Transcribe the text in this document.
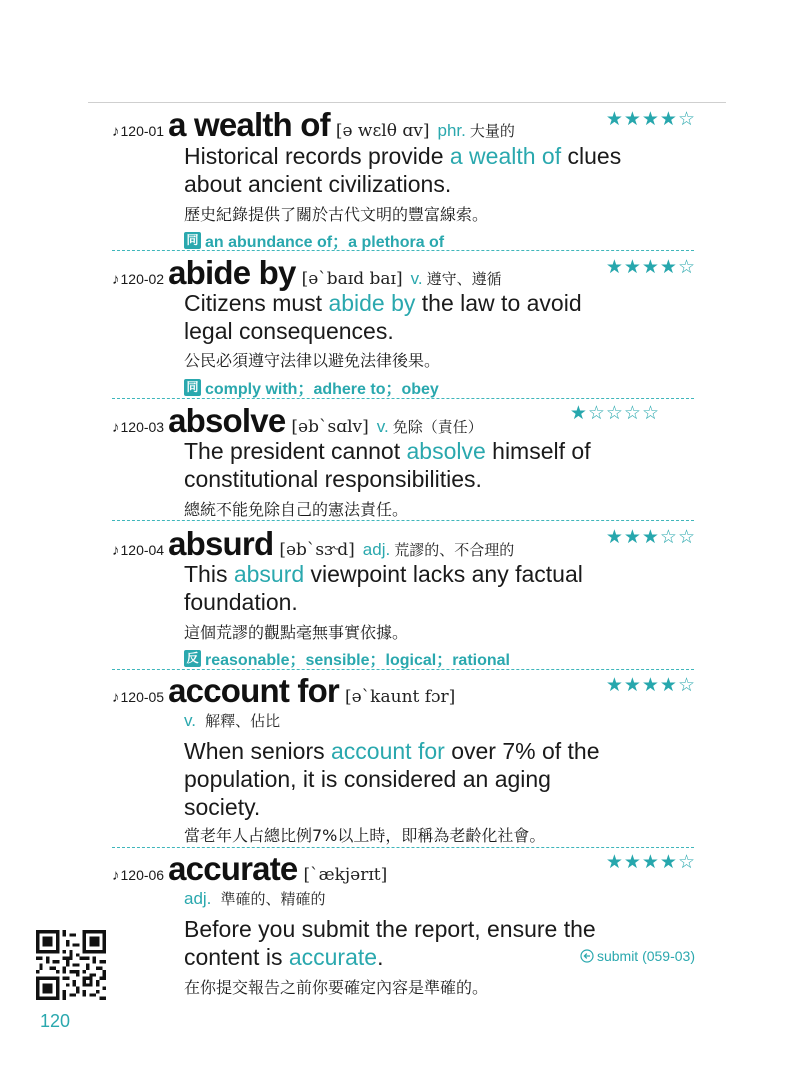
♪120-01 a wealth of [ə wɛlθ ɑv] phr. 大量的
★★★★☆
Historical records provide a wealth of clues
about ancient civilizations.
歷史紀錄提供了關於古代文明的豐富線索。
同 an abundance of；a plethora of
♪120-02 abide by [əˋbaɪd baɪ] v. 遵守、遵循
★★★★☆
Citizens must abide by the law to avoid
legal consequences.
公民必須遵守法律以避免法律後果。
同 comply with；adhere to；obey
♪120-03 absolve [əbˋsɑlv] v. 免除（責任）
★☆☆☆☆
The president cannot absolve himself of
constitutional responsibilities.
總統不能免除自己的憲法責任。
♪120-04 absurd [əbˋsɝd] adj. 荒謬的、不合理的
★★★☆☆
This absurd viewpoint lacks any factual
foundation.
這個荒謬的觀點毫無事實依據。
反 reasonable；sensible；logical；rational
♪120-05 account for [əˋkaunt fɔr]
★★★★☆
v. 解釋、佔比
When seniors account for over 7% of the
population, it is considered an aging
society.
當老年人占總比例7%以上時，即稱為老齡化社會。
♪120-06 accurate [ˋækjərɪt]
★★★★☆
adj. 準確的、精確的
Before you submit the report, ensure the
content is accurate.	submit (059-03)
在你提交報告之前你要確定內容是準確的。
120
